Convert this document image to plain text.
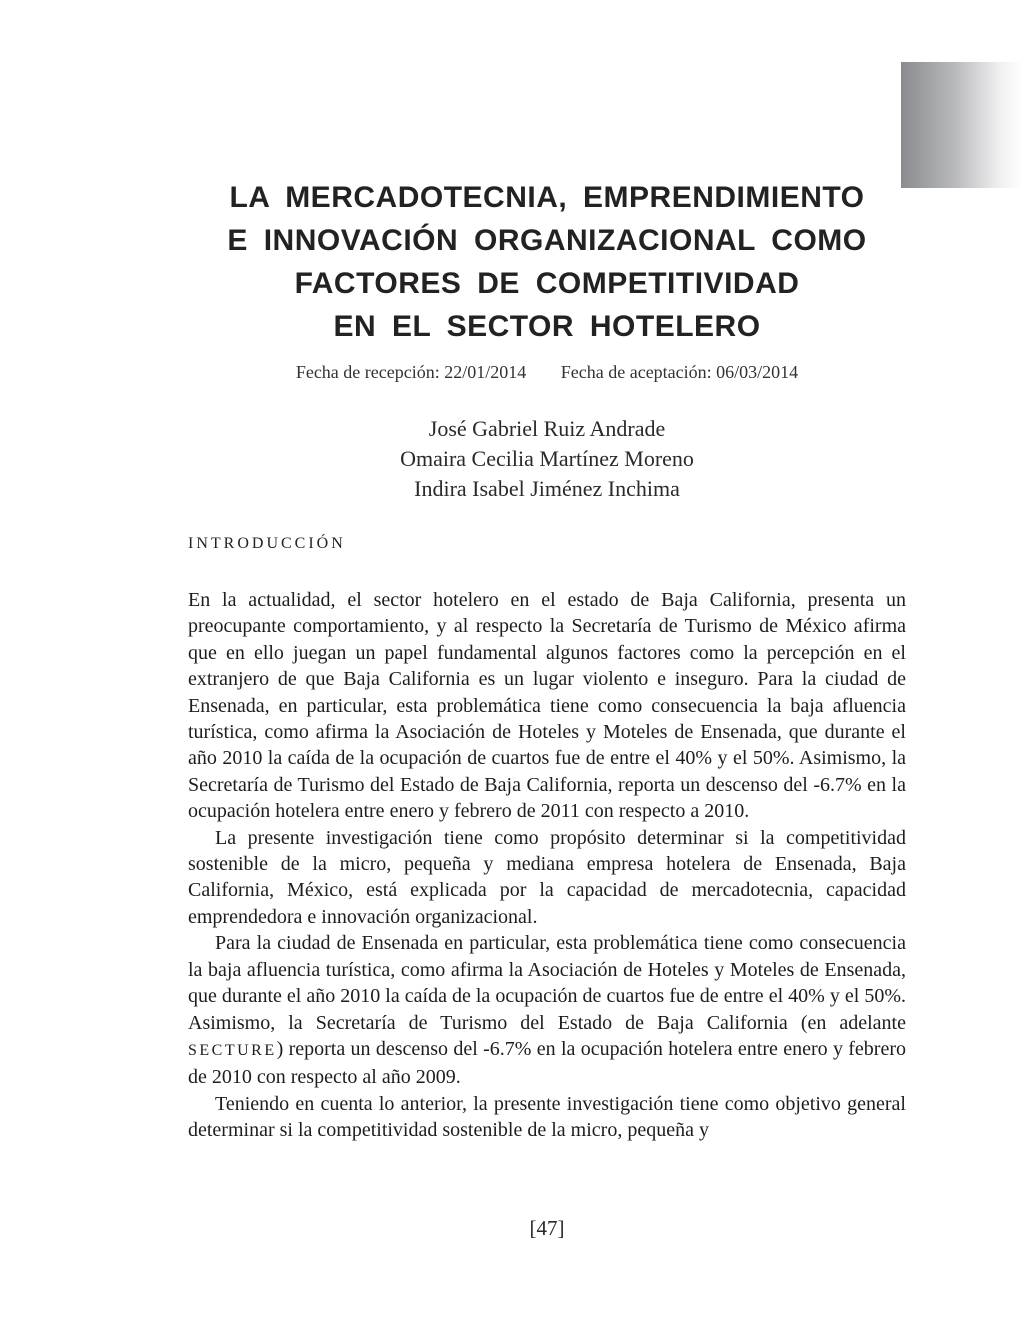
LA MERCADOTECNIA, EMPRENDIMIENTO
E INNOVACIÓN ORGANIZACIONAL COMO
FACTORES DE COMPETITIVIDAD
EN EL SECTOR HOTELERO
Fecha de recepción: 22/01/2014 Fecha de aceptación: 06/03/2014
José Gabriel Ruiz Andrade
Omaira Cecilia Martínez Moreno
Indira Isabel Jiménez Inchima
INTRODUCCIÓN

En la actualidad, el sector hotelero en el estado de Baja California, presenta un preocupante comportamiento, y al respecto la Secretaría de Turismo de México afirma que en ello juegan un papel fundamental algunos factores como la percepción en el extranjero de que Baja California es un lugar violento e inseguro. Para la ciudad de Ensenada, en particular, esta problemática tiene como consecuencia la baja afluencia turística, como afirma la Asociación de Hoteles y Moteles de Ensenada, que durante el año 2010 la caída de la ocupación de cuartos fue de entre el 40% y el 50%. Asimismo, la Secretaría de Turismo del Estado de Baja California, reporta un descenso del -6.7% en la ocupación hotelera entre enero y febrero de 2011 con respecto a 2010.

La presente investigación tiene como propósito determinar si la competitividad sostenible de la micro, pequeña y mediana empresa hotelera de Ensenada, Baja California, México, está explicada por la capacidad de mercadotecnia, capacidad emprendedora e innovación organizacional.

Para la ciudad de Ensenada en particular, esta problemática tiene como consecuencia la baja afluencia turística, como afirma la Asociación de Hoteles y Moteles de Ensenada, que durante el año 2010 la caída de la ocupación de cuartos fue de entre el 40% y el 50%. Asimismo, la Secretaría de Turismo del Estado de Baja California (en adelante SECTURE) reporta un descenso del -6.7% en la ocupación hotelera entre enero y febrero de 2010 con respecto al año 2009.

Teniendo en cuenta lo anterior, la presente investigación tiene como objetivo general determinar si la competitividad sostenible de la micro, pequeña y

[47]
